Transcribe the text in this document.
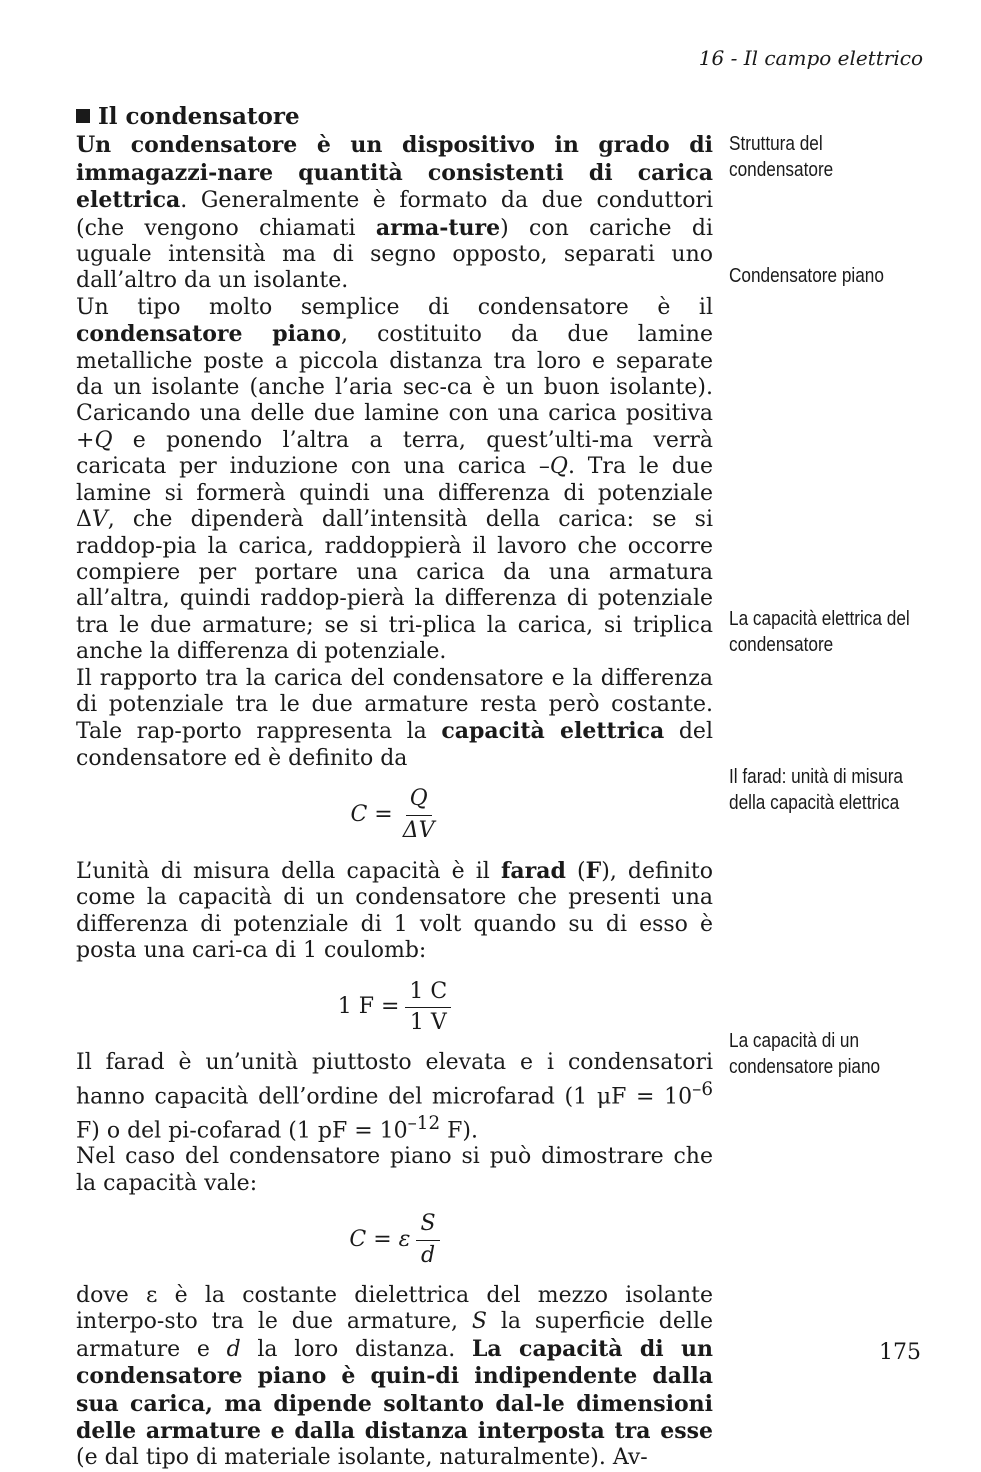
16 - Il campo elettrico
Il condensatore

Un condensatore è un dispositivo in grado di immagazzi-nare quantità consistenti di carica elettrica. Generalmente è formato da due conduttori (che vengono chiamati arma-ture) con cariche di uguale intensità ma di segno opposto, separati uno dall’altro da un isolante.

Un tipo molto semplice di condensatore è il condensatore piano, costituito da due lamine metalliche poste a piccola distanza tra loro e separate da un isolante (anche l’aria sec-ca è un buon isolante). Caricando una delle due lamine con una carica positiva +Q e ponendo l’altra a terra, quest’ulti-ma verrà caricata per induzione con una carica –Q. Tra le due lamine si formerà quindi una differenza di potenziale ΔV, che dipenderà dall’intensità della carica: se si raddop-pia la carica, raddoppierà il lavoro che occorre compiere per portare una carica da una armatura all’altra, quindi raddop-pierà la differenza di potenziale tra le due armature; se si tri-plica la carica, si triplica anche la differenza di potenziale.

Il rapporto tra la carica del condensatore e la differenza di potenziale tra le due armature resta però costante. Tale rap-porto rappresenta la capacità elettrica del condensatore ed è definito da

$C = \frac{Q}{\Delta V}$

L’unità di misura della capacità è il farad (F), definito come la capacità di un condensatore che presenti una differenza di potenziale di 1 volt quando su di esso è posta una cari-ca di 1 coulomb:

1 $F = \frac{1 C}{1 V}$

Il farad è un’unità piuttosto elevata e i condensatori hanno capacità dell’ordine del microfarad (1 $\mu F = 10^{-6}$ F) o del pi-cofarad (1 pF = $10^{-12}$ F).

Nel caso del condensatore piano si può dimostrare che la capacità vale:

C = ε $\frac{S}{d}$

dove ε è la costante dielettrica del mezzo isolante interpo-sto tra le due armature, S la superficie delle armature e d la loro distanza. La capacità di un condensatore piano è quin-di indipendente dalla sua carica, ma dipende soltanto dal-le dimensioni delle armature e dalla distanza interposta tra esse (e dal tipo di materiale isolante, naturalmente). Av-

Struttura del condensatore
Condensatore piano
La capacità elettrica del condensatore
Il farad: unità di misura della capacità elettrica
La capacità di un condensatore piano
175
